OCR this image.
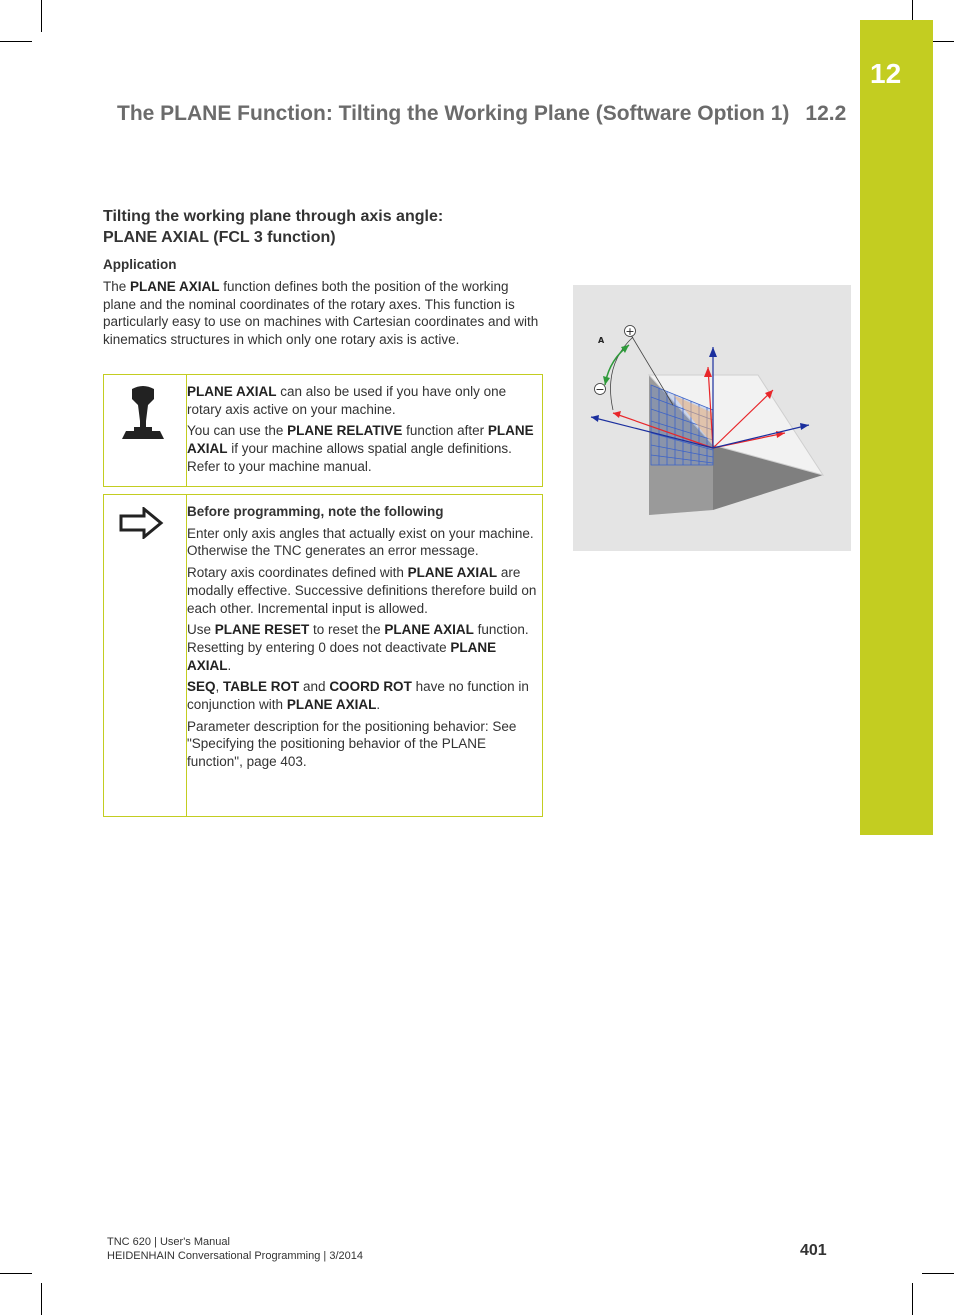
12
The PLANE Function: Tilting the Working Plane (Software Option 1) 12.2
Tilting the working plane through axis angle:
PLANE AXIAL (FCL 3 function)
Application
The PLANE AXIAL function defines both the position of the working plane and the nominal coordinates of the rotary axes. This function is particularly easy to use on machines with Cartesian coordinates and with kinematics structures in which only one rotary axis is active.

PLANE AXIAL can also be used if you have only one rotary axis active on your machine.

You can use the PLANE RELATIVE function after PLANE AXIAL if your machine allows spatial angle definitions. Refer to your machine manual.

Before programming, note the following

Enter only axis angles that actually exist on your machine. Otherwise the TNC generates an error message.

Rotary axis coordinates defined with PLANE AXIAL are modally effective. Successive definitions therefore build on each other. Incremental input is allowed.

Use PLANE RESET to reset the PLANE AXIAL function. Resetting by entering 0 does not deactivate PLANE AXIAL.

SEQ, TABLE ROT and COORD ROT have no function in conjunction with PLANE AXIAL.

Parameter description for the positioning behavior: See "Specifying the positioning behavior of the PLANE function", page 403.

+
−
A
TNC 620 | User's Manual
HEIDENHAIN Conversational Programming | 3/2014	401
